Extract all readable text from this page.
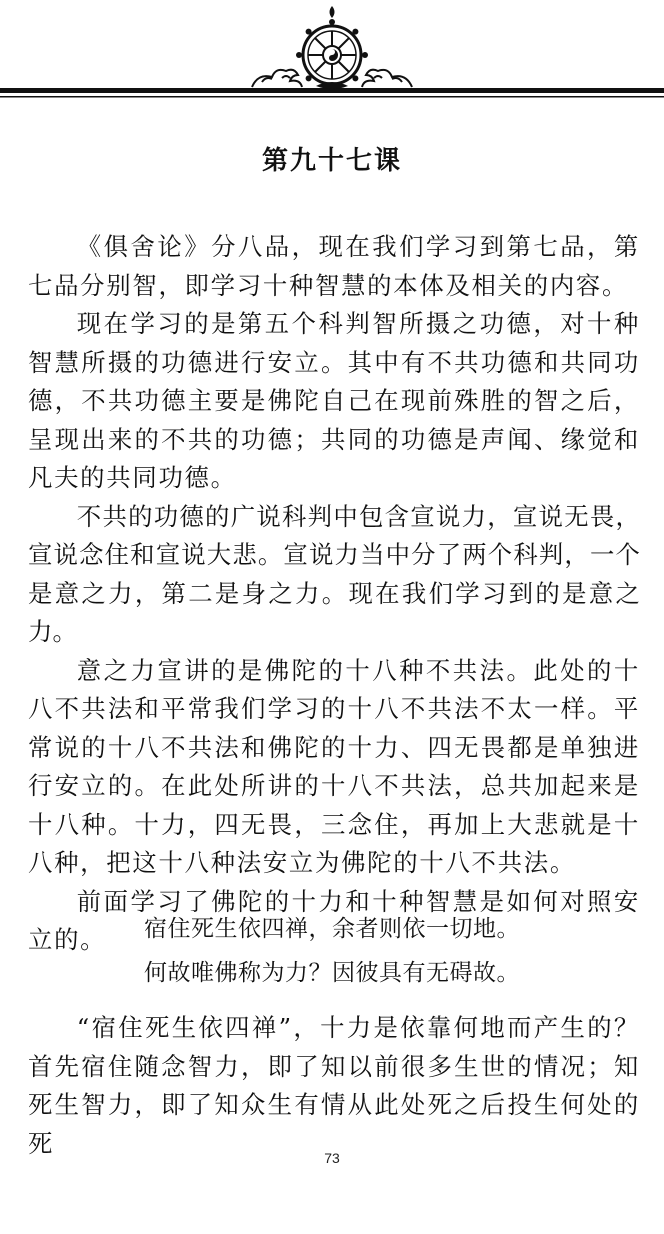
第九十七课

《俱舍论》分八品，现在我们学习到第七品，第七品分别智，即学习十种智慧的本体及相关的内容。

现在学习的是第五个科判智所摄之功德，对十种智慧所摄的功德进行安立。其中有不共功德和共同功德，不共功德主要是佛陀自己在现前殊胜的智之后，呈现出来的不共的功德；共同的功德是声闻、缘觉和凡夫的共同功德。

不共的功德的广说科判中包含宣说力，宣说无畏，宣说念住和宣说大悲。宣说力当中分了两个科判，一个是意之力，第二是身之力。现在我们学习到的是意之力。

意之力宣讲的是佛陀的十八种不共法。此处的十八不共法和平常我们学习的十八不共法不太一样。平常说的十八不共法和佛陀的十力、四无畏都是单独进行安立的。在此处所讲的十八不共法，总共加起来是十八种。十力，四无畏，三念住，再加上大悲就是十八种，把这十八种法安立为佛陀的十八不共法。

前面学习了佛陀的十力和十种智慧是如何对照安立的。	宿住死生依四禅，余者则依一切地。

何故唯佛称为力？因彼具有无碍故。

“宿住死生依四禅”，十力是依靠何地而产生的？首先宿住随念智力，即了知以前很多生世的情况；知死生智力，即了知众生有情从此处死之后投生何处的死

73
